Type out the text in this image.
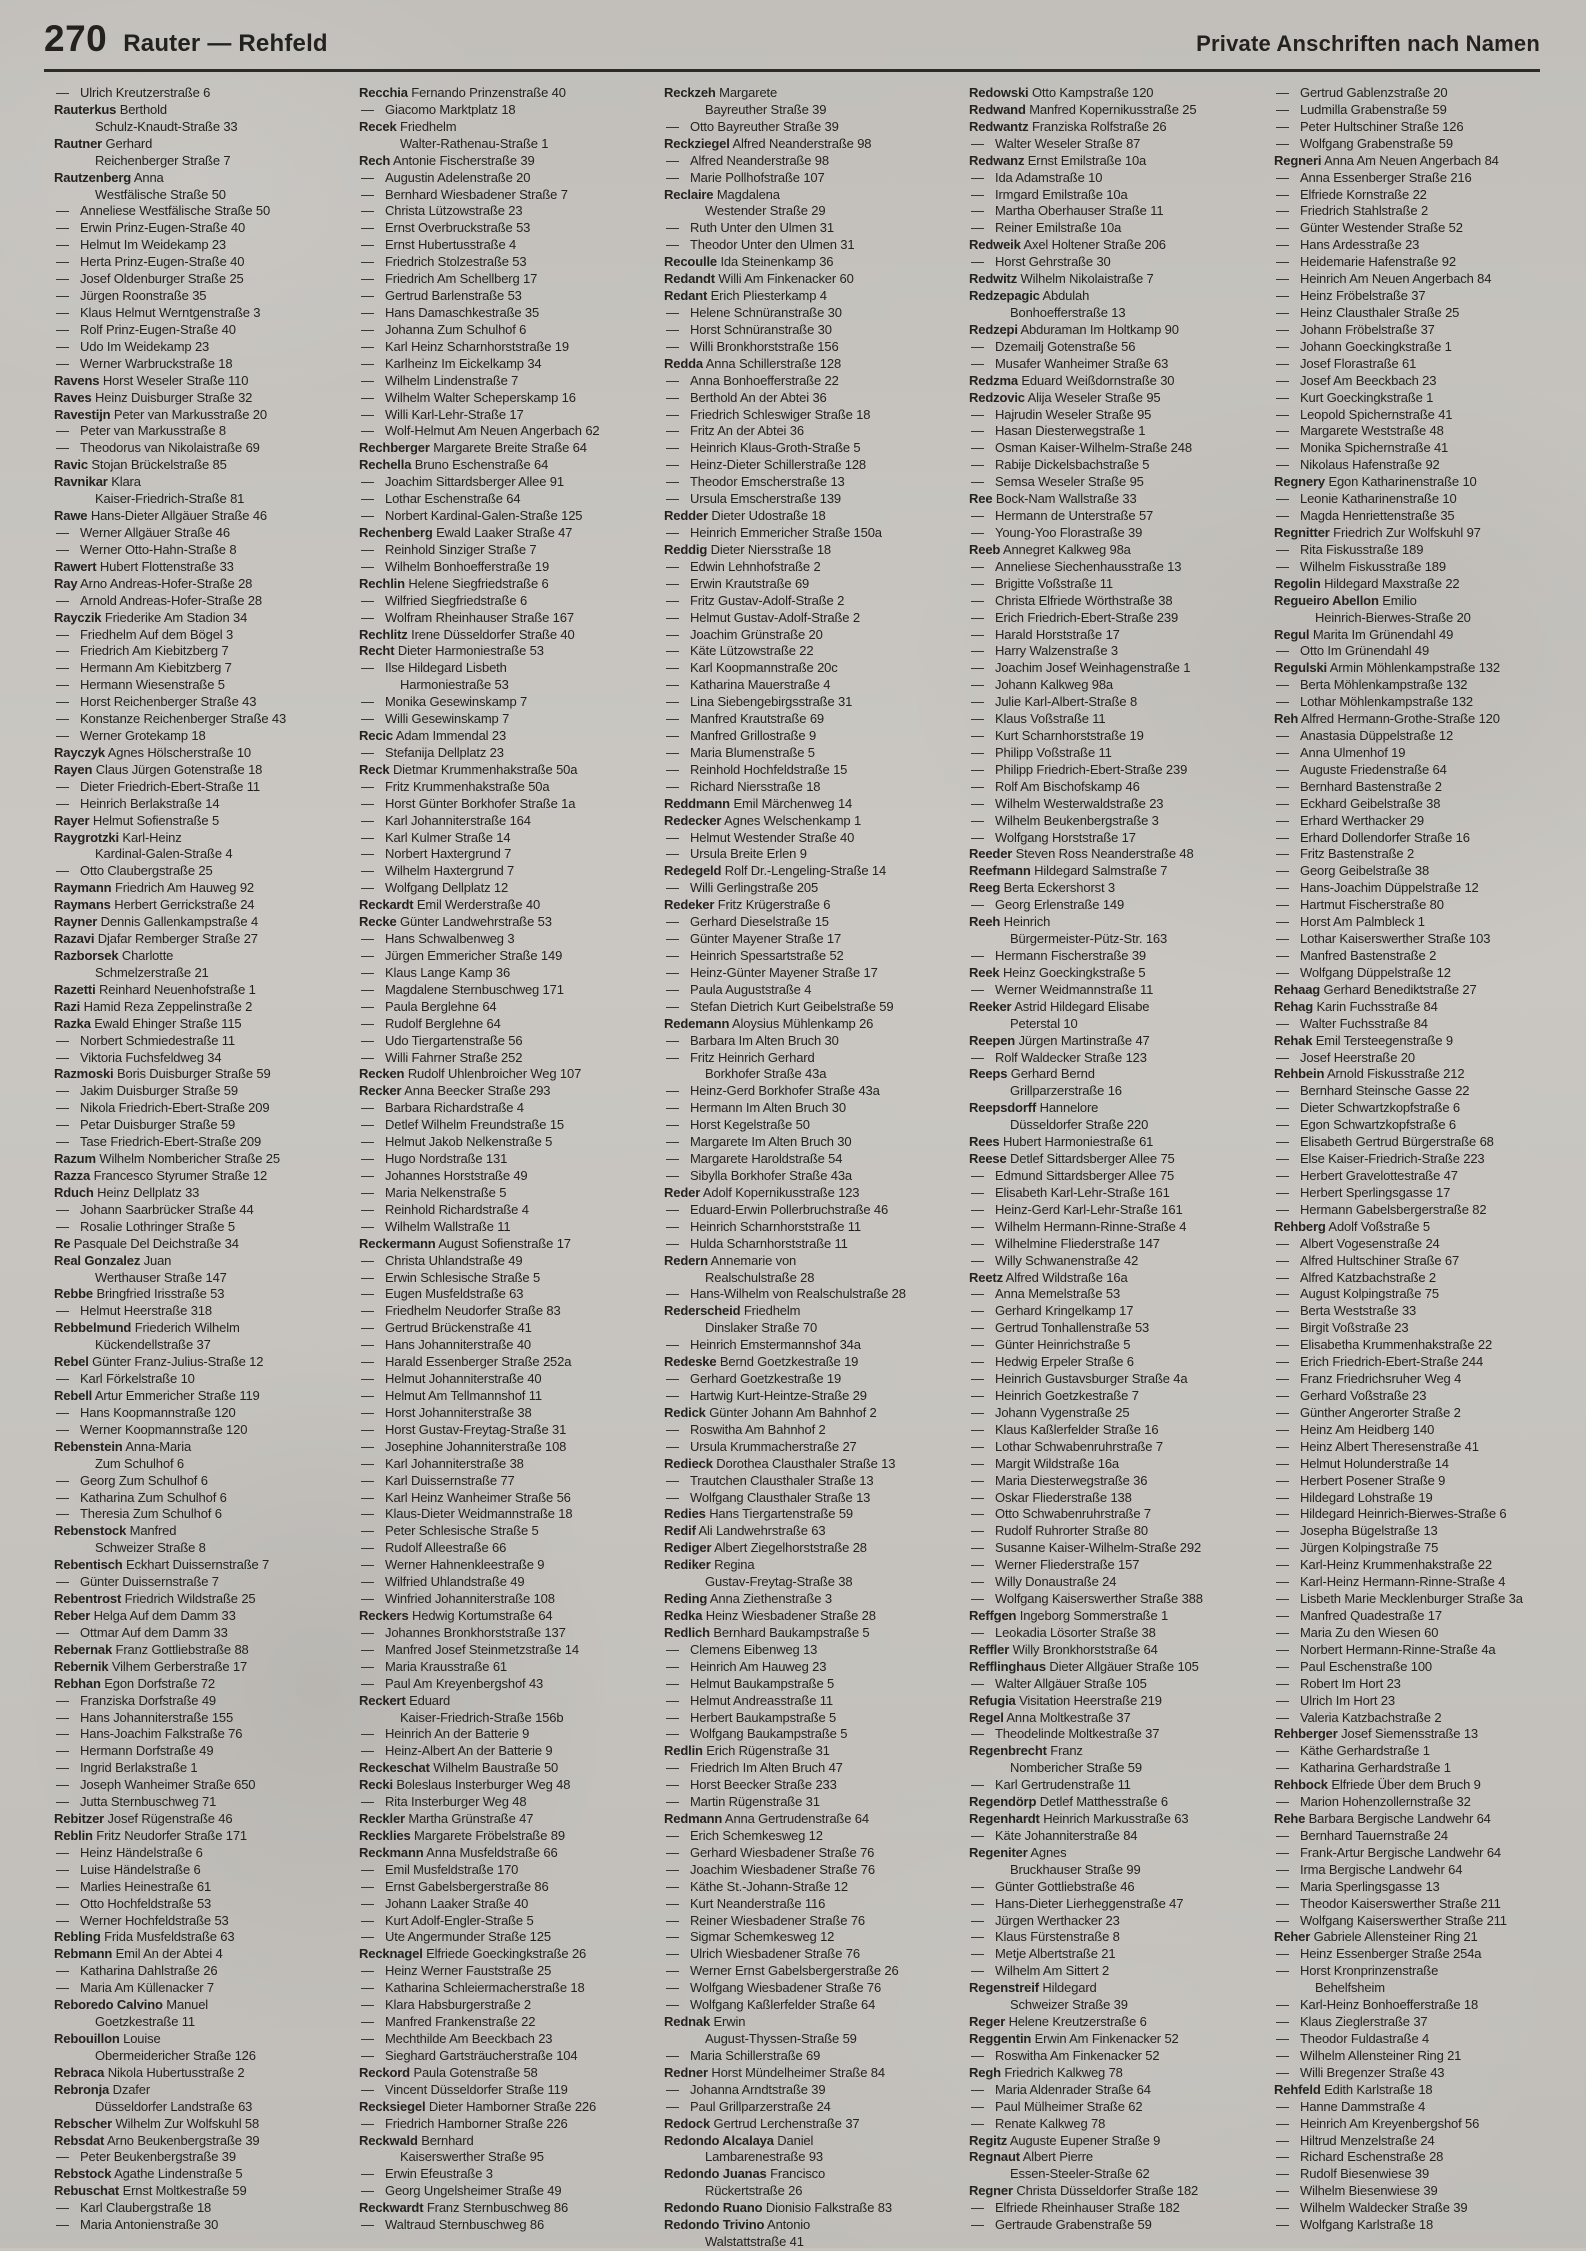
270 Rauter — Rehfeld	Private Anschriften nach Namen
— Ulrich Kreutzerstraße 6
Rauterkus Berthold
Schulz-Knaudt-Straße 33
Rautner Gerhard
Reichenberger Straße 7
Rautzenberg Anna
Westfälische Straße 50
— Anneliese Westfälische Straße 50
— Erwin Prinz-Eugen-Straße 40
— Helmut Im Weidekamp 23
— Herta Prinz-Eugen-Straße 40
— Josef Oldenburger Straße 25
— Jürgen Roonstraße 35
— Klaus Helmut Werntgenstraße 3
— Rolf Prinz-Eugen-Straße 40
— Udo Im Weidekamp 23
— Werner Warbruckstraße 18
Ravens Horst Weseler Straße 110
Raves Heinz Duisburger Straße 32
Ravestijn Peter van Markusstraße 20
— Peter van Markusstraße 8
— Theodorus van Nikolaistraße 69
Ravic Stojan Brückelstraße 85
Ravnikar Klara
Kaiser-Friedrich-Straße 81
Rawe Hans-Dieter Allgäuer Straße 46
— Werner Allgäuer Straße 46
— Werner Otto-Hahn-Straße 8
Rawert Hubert Flottenstraße 33
Ray Arno Andreas-Hofer-Straße 28
— Arnold Andreas-Hofer-Straße 28
Rayczik Friederike Am Stadion 34
— Friedhelm Auf dem Bögel 3
— Friedrich Am Kiebitzberg 7
— Hermann Am Kiebitzberg 7
— Hermann Wiesenstraße 5
— Horst Reichenberger Straße 43
— Konstanze Reichenberger Straße 43
— Werner Grotekamp 18
Rayczyk Agnes Hölscherstraße 10
Rayen Claus Jürgen Gotenstraße 18
— Dieter Friedrich-Ebert-Straße 11
— Heinrich Berlakstraße 14
Rayer Helmut Sofienstraße 5
Raygrotzki Karl-Heinz
Kardinal-Galen-Straße 4
— Otto Claubergstraße 25
Raymann Friedrich Am Hauweg 92
Raymans Herbert Gerrickstraße 24
Rayner Dennis Gallenkampstraße 4
Razavi Djafar Remberger Straße 27
Razborsek Charlotte
Schmelzerstraße 21
Razetti Reinhard Neuenhofstraße 1
Razi Hamid Reza Zeppelinstraße 2
Razka Ewald Ehinger Straße 115
— Norbert Schmiedestraße 11
— Viktoria Fuchsfeldweg 34
Razmoski Boris Duisburger Straße 59
— Jakim Duisburger Straße 59
— Nikola Friedrich-Ebert-Straße 209
— Petar Duisburger Straße 59
— Tase Friedrich-Ebert-Straße 209
Razum Wilhelm Nombericher Straße 25
Razza Francesco Styrumer Straße 12
Rduch Heinz Dellplatz 33
— Johann Saarbrücker Straße 44
— Rosalie Lothringer Straße 5
Re Pasquale Del Deichstraße 34
Real Gonzalez Juan
Werthauser Straße 147
Rebbe Bringfried Irisstraße 53
— Helmut Heerstraße 318
Rebbelmund Friederich Wilhelm
Kückendellstraße 37
Rebel Günter Franz-Julius-Straße 12
— Karl Förkelstraße 10
Rebell Artur Emmericher Straße 119
— Hans Koopmannstraße 120
— Werner Koopmannstraße 120
Rebenstein Anna-Maria
Zum Schulhof 6
— Georg Zum Schulhof 6
— Katharina Zum Schulhof 6
— Theresia Zum Schulhof 6
Rebenstock Manfred
Schweizer Straße 8
Rebentisch Eckhart Duissernstraße 7
— Günter Duissernstraße 7
Rebentrost Friedrich Wildstraße 25
Reber Helga Auf dem Damm 33
— Ottmar Auf dem Damm 33
Rebernak Franz Gottliebstraße 88
Rebernik Vilhem Gerberstraße 17
Rebhan Egon Dorfstraße 72
— Franziska Dorfstraße 49
— Hans Johanniterstraße 155
— Hans-Joachim Falkstraße 76
— Hermann Dorfstraße 49
— Ingrid Berlakstraße 1
— Joseph Wanheimer Straße 650
— Jutta Sternbuschweg 71
Rebitzer Josef Rügenstraße 46
Reblin Fritz Neudorfer Straße 171
— Heinz Händelstraße 6
— Luise Händelstraße 6
— Marlies Heinestraße 61
— Otto Hochfeldstraße 53
— Werner Hochfeldstraße 53
Rebling Frida Musfeldstraße 63
Rebmann Emil An der Abtei 4
— Katharina Dahlstraße 26
— Maria Am Küllenacker 7
Reboredo Calvino Manuel
Goetzkestraße 11
Rebouillon Louise
Obermeidericher Straße 126
Rebraca Nikola Hubertusstraße 2
Rebronja Dzafer
Düsseldorfer Landstraße 63
Rebscher Wilhelm Zur Wolfskuhl 58
Rebsdat Arno Beukenbergstraße 39
— Peter Beukenbergstraße 39
Rebstock Agathe Lindenstraße 5
Rebuschat Ernst Moltkestraße 59
— Karl Claubergstraße 18
— Maria Antonienstraße 30
Recchia Fernando Prinzenstraße 40
— Giacomo Marktplatz 18
Recek Friedhelm
Walter-Rathenau-Straße 1
Rech Antonie Fischerstraße 39
— Augustin Adelenstraße 20
— Bernhard Wiesbadener Straße 7
— Christa Lützowstraße 23
— Ernst Overbruckstraße 53
— Ernst Hubertusstraße 4
— Friedrich Stolzestraße 53
— Friedrich Am Schellberg 17
— Gertrud Barlenstraße 53
— Hans Damaschkestraße 35
— Johanna Zum Schulhof 6
— Karl Heinz Scharnhorststraße 19
— Karlheinz Im Eickelkamp 34
— Wilhelm Lindenstraße 7
— Wilhelm Walter Scheperskamp 16
— Willi Karl-Lehr-Straße 17
— Wolf-Helmut Am Neuen Angerbach 62
Rechberger Margarete Breite Straße 64
Rechella Bruno Eschenstraße 64
— Joachim Sittardsberger Allee 91
— Lothar Eschenstraße 64
— Norbert Kardinal-Galen-Straße 125
Rechenberg Ewald Laaker Straße 47
— Reinhold Sinziger Straße 7
— Wilhelm Bonhoefferstraße 19
Rechlin Helene Siegfriedstraße 6
— Wilfried Siegfriedstraße 6
— Wolfram Rheinhauser Straße 167
Rechlitz Irene Düsseldorfer Straße 40
Recht Dieter Harmoniestraße 53
— Ilse Hildegard Lisbeth
Harmoniestraße 53
— Monika Gesewinskamp 7
— Willi Gesewinskamp 7
Recic Adam Immendal 23
— Stefanija Dellplatz 23
Reck Dietmar Krummenhakstraße 50a
— Fritz Krummenhakstraße 50a
— Horst Günter Borkhofer Straße 1a
— Karl Johanniterstraße 164
— Karl Kulmer Straße 14
— Norbert Haxtergrund 7
— Wilhelm Haxtergrund 7
— Wolfgang Dellplatz 12
Reckardt Emil Werderstraße 40
Recke Günter Landwehrstraße 53
— Hans Schwalbenweg 3
— Jürgen Emmericher Straße 149
— Klaus Lange Kamp 36
— Magdalene Sternbuschweg 171
— Paula Berglehne 64
— Rudolf Berglehne 64
— Udo Tiergartenstraße 56
— Willi Fahrner Straße 252
Recken Rudolf Uhlenbroicher Weg 107
Recker Anna Beecker Straße 293
— Barbara Richardstraße 4
— Detlef Wilhelm Freundstraße 15
— Helmut Jakob Nelkenstraße 5
— Hugo Nordstraße 131
— Johannes Horststraße 49
— Maria Nelkenstraße 5
— Reinhold Richardstraße 4
— Wilhelm Wallstraße 11
Reckermann August Sofienstraße 17
— Christa Uhlandstraße 49
— Erwin Schlesische Straße 5
— Eugen Musfeldstraße 63
— Friedhelm Neudorfer Straße 83
— Gertrud Brückenstraße 41
— Hans Johanniterstraße 40
— Harald Essenberger Straße 252a
— Helmut Johanniterstraße 40
— Helmut Am Tellmannshof 11
— Horst Johanniterstraße 38
— Horst Gustav-Freytag-Straße 31
— Josephine Johanniterstraße 108
— Karl Johanniterstraße 38
— Karl Duissernstraße 77
— Karl Heinz Wanheimer Straße 56
— Klaus-Dieter Weidmannstraße 18
— Peter Schlesische Straße 5
— Rudolf Alleestraße 66
— Werner Hahnenkleestraße 9
— Wilfried Uhlandstraße 49
— Winfried Johanniterstraße 108
Reckers Hedwig Kortumstraße 64
— Johannes Bronkhorststraße 137
— Manfred Josef Steinmetzstraße 14
— Maria Krausstraße 61
— Paul Am Kreyenbergshof 43
Reckert Eduard
Kaiser-Friedrich-Straße 156b
— Heinrich An der Batterie 9
— Heinz-Albert An der Batterie 9
Reckeschat Wilhelm Baustraße 50
Recki Boleslaus Insterburger Weg 48
— Rita Insterburger Weg 48
Reckler Martha Grünstraße 47
Recklies Margarete Fröbelstraße 89
Reckmann Anna Musfeldstraße 66
— Emil Musfeldstraße 170
— Ernst Gabelsbergerstraße 86
— Johann Laaker Straße 40
— Kurt Adolf-Engler-Straße 5
— Ute Angermunder Straße 125
Recknagel Elfriede Goeckingkstraße 26
— Heinz Werner Fauststraße 25
— Katharina Schleiermacherstraße 18
— Klara Habsburgerstraße 2
— Manfred Frankenstraße 22
— Mechthilde Am Beeckbach 23
— Sieghard Gartsträucherstraße 104
Reckord Paula Gotenstraße 58
— Vincent Düsseldorfer Straße 119
Recksiegel Dieter Hamborner Straße 226
— Friedrich Hamborner Straße 226
Reckwald Bernhard
Kaiserswerther Straße 95
— Erwin Efeustraße 3
— Georg Ungelsheimer Straße 49
Reckwardt Franz Sternbuschweg 86
— Waltraud Sternbuschweg 86
Reckzeh Margarete
Bayreuther Straße 39
— Otto Bayreuther Straße 39
Reckziegel Alfred Neanderstraße 98
— Alfred Neanderstraße 98
— Marie Pollhofstraße 107
Reclaire Magdalena
Westender Straße 29
— Ruth Unter den Ulmen 31
— Theodor Unter den Ulmen 31
Recoulle Ida Steinenkamp 36
Redandt Willi Am Finkenacker 60
Redant Erich Pliesterkamp 4
— Helene Schnüranstraße 30
— Horst Schnüranstraße 30
— Willi Bronkhorststraße 156
Redda Anna Schillerstraße 128
— Anna Bonhoefferstraße 22
— Berthold An der Abtei 36
— Friedrich Schleswiger Straße 18
— Fritz An der Abtei 36
— Heinrich Klaus-Groth-Straße 5
— Heinz-Dieter Schillerstraße 128
— Theodor Emscherstraße 13
— Ursula Emscherstraße 139
Redder Dieter Udostraße 18
— Heinrich Emmericher Straße 150a
Reddig Dieter Niersstraße 18
— Edwin Lehnhofstraße 2
— Erwin Krautstraße 69
— Fritz Gustav-Adolf-Straße 2
— Helmut Gustav-Adolf-Straße 2
— Joachim Grünstraße 20
— Käte Lützowstraße 22
— Karl Koopmannstraße 20c
— Katharina Mauerstraße 4
— Lina Siebengebirgsstraße 31
— Manfred Krautstraße 69
— Manfred Grillostraße 9
— Maria Blumenstraße 5
— Reinhold Hochfeldstraße 15
— Richard Niersstraße 18
Reddmann Emil Märchenweg 14
Redecker Agnes Welschenkamp 1
— Helmut Westender Straße 40
— Ursula Breite Erlen 9
Redegeld Rolf Dr.-Lengeling-Straße 14
— Willi Gerlingstraße 205
Redeker Fritz Krügerstraße 6
— Gerhard Dieselstraße 15
— Günter Mayener Straße 17
— Heinrich Spessartstraße 52
— Heinz-Günter Mayener Straße 17
— Paula Auguststraße 4
— Stefan Dietrich Kurt Geibelstraße 59
Redemann Aloysius Mühlenkamp 26
— Barbara Im Alten Bruch 30
— Fritz Heinrich Gerhard
Borkhofer Straße 43a
— Heinz-Gerd Borkhofer Straße 43a
— Hermann Im Alten Bruch 30
— Horst Kegelstraße 50
— Margarete Im Alten Bruch 30
— Margarete Haroldstraße 54
— Sibylla Borkhofer Straße 43a
Reder Adolf Kopernikusstraße 123
— Eduard-Erwin Pollerbruchstraße 46
— Heinrich Scharnhorststraße 11
— Hulda Scharnhorststraße 11
Redern Annemarie von
Realschulstraße 28
— Hans-Wilhelm von Realschulstraße 28
Rederscheid Friedhelm
Dinslaker Straße 70
— Heinrich Emstermannshof 34a
Redeske Bernd Goetzkestraße 19
— Gerhard Goetzkestraße 19
— Hartwig Kurt-Heintze-Straße 29
Redick Günter Johann Am Bahnhof 2
— Roswitha Am Bahnhof 2
— Ursula Krummacherstraße 27
Redieck Dorothea Clausthaler Straße 13
— Trautchen Clausthaler Straße 13
— Wolfgang Clausthaler Straße 13
Redies Hans Tiergartenstraße 59
Redif Ali Landwehrstraße 63
Rediger Albert Ziegelhorststraße 28
Rediker Regina
Gustav-Freytag-Straße 38
Reding Anna Ziethenstraße 3
Redka Heinz Wiesbadener Straße 28
Redlich Bernhard Baukampstraße 5
— Clemens Eibenweg 13
— Heinrich Am Hauweg 23
— Helmut Baukampstraße 5
— Helmut Andreasstraße 11
— Herbert Baukampstraße 5
— Wolfgang Baukampstraße 5
Redlin Erich Rügenstraße 31
— Friedrich Im Alten Bruch 47
— Horst Beecker Straße 233
— Martin Rügenstraße 31
Redmann Anna Gertrudenstraße 64
— Erich Schemkesweg 12
— Gerhard Wiesbadener Straße 76
— Joachim Wiesbadener Straße 76
— Käthe St.-Johann-Straße 12
— Kurt Neanderstraße 116
— Reiner Wiesbadener Straße 76
— Sigmar Schemkesweg 12
— Ulrich Wiesbadener Straße 76
— Werner Ernst Gabelsbergerstraße 26
— Wolfgang Wiesbadener Straße 76
— Wolfgang Kaßlerfelder Straße 64
Rednak Erwin
August-Thyssen-Straße 59
— Maria Schillerstraße 69
Redner Horst Mündelheimer Straße 84
— Johanna Arndtstraße 39
— Paul Grillparzerstraße 24
Redock Gertrud Lerchenstraße 37
Redondo Alcalaya Daniel
Lambarenestraße 93
Redondo Juanas Francisco
Rückertstraße 26
Redondo Ruano Dionisio Falkstraße 83
Redondo Trivino Antonio
Walstattstraße 41
Redowski Otto Kampstraße 120
Redwand Manfred Kopernikusstraße 25
Redwantz Franziska Rolfstraße 26
— Walter Weseler Straße 87
Redwanz Ernst Emilstraße 10a
— Ida Adamstraße 10
— Irmgard Emilstraße 10a
— Martha Oberhauser Straße 11
— Reiner Emilstraße 10a
Redweik Axel Holtener Straße 206
— Horst Gehrstraße 30
Redwitz Wilhelm Nikolaistraße 7
Redzepagic Abdulah
Bonhoefferstraße 13
Redzepi Abduraman Im Holtkamp 90
— Dzemailj Gotenstraße 56
— Musafer Wanheimer Straße 63
Redzma Eduard Weißdornstraße 30
Redzovic Alija Weseler Straße 95
— Hajrudin Weseler Straße 95
— Hasan Diesterwegstraße 1
— Osman Kaiser-Wilhelm-Straße 248
— Rabije Dickelsbachstraße 5
— Semsa Weseler Straße 95
Ree Bock-Nam Wallstraße 33
— Hermann de Unterstraße 57
— Young-Yoo Florastraße 39
Reeb Annegret Kalkweg 98a
— Anneliese Siechenhausstraße 13
— Brigitte Voßstraße 11
— Christa Elfriede Wörthstraße 38
— Erich Friedrich-Ebert-Straße 239
— Harald Horststraße 17
— Harry Walzenstraße 3
— Joachim Josef Weinhagenstraße 1
— Johann Kalkweg 98a
— Julie Karl-Albert-Straße 8
— Klaus Voßstraße 11
— Kurt Scharnhorststraße 19
— Philipp Voßstraße 11
— Philipp Friedrich-Ebert-Straße 239
— Rolf Am Bischofskamp 46
— Wilhelm Westerwaldstraße 23
— Wilhelm Beukenbergstraße 3
— Wolfgang Horststraße 17
Reeder Steven Ross Neanderstraße 48
Reefmann Hildegard Salmstraße 7
Reeg Berta Eckershorst 3
— Georg Erlenstraße 149
Reeh Heinrich
Bürgermeister-Pütz-Str. 163
— Hermann Fischerstraße 39
Reek Heinz Goeckingkstraße 5
— Werner Weidmannstraße 11
Reeker Astrid Hildegard Elisabe
Peterstal 10
Reepen Jürgen Martinstraße 47
— Rolf Waldecker Straße 123
Reeps Gerhard Bernd
Grillparzerstraße 16
Reepsdorff Hannelore
Düsseldorfer Straße 220
Rees Hubert Harmoniestraße 61
Reese Detlef Sittardsberger Allee 75
— Edmund Sittardsberger Allee 75
— Elisabeth Karl-Lehr-Straße 161
— Heinz-Gerd Karl-Lehr-Straße 161
— Wilhelm Hermann-Rinne-Straße 4
— Wilhelmine Fliederstraße 147
— Willy Schwanenstraße 42
Reetz Alfred Wildstraße 16a
— Anna Memelstraße 53
— Gerhard Kringelkamp 17
— Gertrud Tonhallenstraße 53
— Günter Heinrichstraße 5
— Hedwig Erpeler Straße 6
— Heinrich Gustavsburger Straße 4a
— Heinrich Goetzkestraße 7
— Johann Vygenstraße 25
— Klaus Kaßlerfelder Straße 16
— Lothar Schwabenruhrstraße 7
— Margit Wildstraße 16a
— Maria Diesterwegstraße 36
— Oskar Fliederstraße 138
— Otto Schwabenruhrstraße 7
— Rudolf Ruhrorter Straße 80
— Susanne Kaiser-Wilhelm-Straße 292
— Werner Fliederstraße 157
— Willy Donaustraße 24
— Wolfgang Kaiserswerther Straße 388
Reffgen Ingeborg Sommerstraße 1
— Leokadia Lösorter Straße 38
Reffler Willy Bronkhorststraße 64
Refflinghaus Dieter Allgäuer Straße 105
— Walter Allgäuer Straße 105
Refugia Visitation Heerstraße 219
Regel Anna Moltkestraße 37
— Theodelinde Moltkestraße 37
Regenbrecht Franz
Nombericher Straße 59
— Karl Gertrudenstraße 11
Regendörp Detlef Matthesstraße 6
Regenhardt Heinrich Markusstraße 63
— Käte Johanniterstraße 84
Regeniter Agnes
Bruckhauser Straße 99
— Günter Gottliebstraße 46
— Hans-Dieter Lierheggenstraße 47
— Jürgen Werthacker 23
— Klaus Fürstenstraße 8
— Metje Albertstraße 21
— Wilhelm Am Sittert 2
Regenstreif Hildegard
Schweizer Straße 39
Reger Helene Kreutzerstraße 6
Reggentin Erwin Am Finkenacker 52
— Roswitha Am Finkenacker 52
Regh Friedrich Kalkweg 78
— Maria Aldenrader Straße 64
— Paul Mülheimer Straße 62
— Renate Kalkweg 78
Regitz Auguste Eupener Straße 9
Regnaut Albert Pierre
Essen-Steeler-Straße 62
Regner Christa Düsseldorfer Straße 182
— Elfriede Rheinhauser Straße 182
— Gertraude Grabenstraße 59
— Gertrud Gablenzstraße 20
— Ludmilla Grabenstraße 59
— Peter Hultschiner Straße 126
— Wolfgang Grabenstraße 59
Regneri Anna Am Neuen Angerbach 84
— Anna Essenberger Straße 216
— Elfriede Kornstraße 22
— Friedrich Stahlstraße 2
— Günter Westender Straße 52
— Hans Ardesstraße 23
— Heidemarie Hafenstraße 92
— Heinrich Am Neuen Angerbach 84
— Heinz Fröbelstraße 37
— Heinz Clausthaler Straße 25
— Johann Fröbelstraße 37
— Johann Goeckingkstraße 1
— Josef Florastraße 61
— Josef Am Beeckbach 23
— Kurt Goeckingkstraße 1
— Leopold Spichernstraße 41
— Margarete Weststraße 48
— Monika Spichernstraße 41
— Nikolaus Hafenstraße 92
Regnery Egon Katharinenstraße 10
— Leonie Katharinenstraße 10
— Magda Henriettenstraße 35
Regnitter Friedrich Zur Wolfskuhl 97
— Rita Fiskusstraße 189
— Wilhelm Fiskusstraße 189
Regolin Hildegard Maxstraße 22
Regueiro Abellon Emilio
Heinrich-Bierwes-Straße 20
Regul Marita Im Grünendahl 49
— Otto Im Grünendahl 49
Regulski Armin Möhlenkampstraße 132
— Berta Möhlenkampstraße 132
— Lothar Möhlenkampstraße 132
Reh Alfred Hermann-Grothe-Straße 120
— Anastasia Düppelstraße 12
— Anna Ulmenhof 19
— Auguste Friedenstraße 64
— Bernhard Bastenstraße 2
— Eckhard Geibelstraße 38
— Erhard Werthacker 29
— Erhard Dollendorfer Straße 16
— Fritz Bastenstraße 2
— Georg Geibelstraße 38
— Hans-Joachim Düppelstraße 12
— Hartmut Fischerstraße 80
— Horst Am Palmbleck 1
— Lothar Kaiserswerther Straße 103
— Manfred Bastenstraße 2
— Wolfgang Düppelstraße 12
Rehaag Gerhard Benediktstraße 27
Rehag Karin Fuchsstraße 84
— Walter Fuchsstraße 84
Rehak Emil Tersteegenstraße 9
— Josef Heerstraße 20
Rehbein Arnold Fiskusstraße 212
— Bernhard Steinsche Gasse 22
— Dieter Schwartzkopfstraße 6
— Egon Schwartzkopfstraße 6
— Elisabeth Gertrud Bürgerstraße 68
— Else Kaiser-Friedrich-Straße 223
— Herbert Gravelottestraße 47
— Herbert Sperlingsgasse 17
— Hermann Gabelsbergerstraße 82
Rehberg Adolf Voßstraße 5
— Albert Vogesenstraße 24
— Alfred Hultschiner Straße 67
— Alfred Katzbachstraße 2
— August Kolpingstraße 75
— Berta Weststraße 33
— Birgit Voßstraße 23
— Elisabetha Krummenhakstraße 22
— Erich Friedrich-Ebert-Straße 244
— Franz Friedrichsruher Weg 4
— Gerhard Voßstraße 23
— Günther Angerorter Straße 2
— Heinz Am Heidberg 140
— Heinz Albert Theresenstraße 41
— Helmut Holunderstraße 14
— Herbert Posener Straße 9
— Hildegard Lohstraße 19
— Hildegard Heinrich-Bierwes-Straße 6
— Josepha Bügelstraße 13
— Jürgen Kolpingstraße 75
— Karl-Heinz Krummenhakstraße 22
— Karl-Heinz Hermann-Rinne-Straße 4
— Lisbeth Marie Mecklenburger Straße 3a
— Manfred Quadestraße 17
— Maria Zu den Wiesen 60
— Norbert Hermann-Rinne-Straße 4a
— Paul Eschenstraße 100
— Robert Im Hort 23
— Ulrich Im Hort 23
— Valeria Katzbachstraße 2
Rehberger Josef Siemensstraße 13
— Käthe Gerhardstraße 1
— Katharina Gerhardstraße 1
Rehbock Elfriede Über dem Bruch 9
— Marion Hohenzollernstraße 32
Rehe Barbara Bergische Landwehr 64
— Bernhard Tauernstraße 24
— Frank-Artur Bergische Landwehr 64
— Irma Bergische Landwehr 64
— Maria Sperlingsgasse 13
— Theodor Kaiserswerther Straße 211
— Wolfgang Kaiserswerther Straße 211
Reher Gabriele Allensteiner Ring 21
— Heinz Essenberger Straße 254a
— Horst Kronprinzenstraße
Behelfsheim
— Karl-Heinz Bonhoefferstraße 18
— Klaus Zieglerstraße 37
— Theodor Fuldastraße 4
— Wilhelm Allensteiner Ring 21
— Willi Bregenzer Straße 43
Rehfeld Edith Karlstraße 18
— Hanne Dammstraße 4
— Heinrich Am Kreyenbergshof 56
— Hiltrud Menzelstraße 24
— Richard Eschenstraße 28
— Rudolf Biesenwiese 39
— Wilhelm Biesenwiese 39
— Wilhelm Waldecker Straße 39
— Wolfgang Karlstraße 18
